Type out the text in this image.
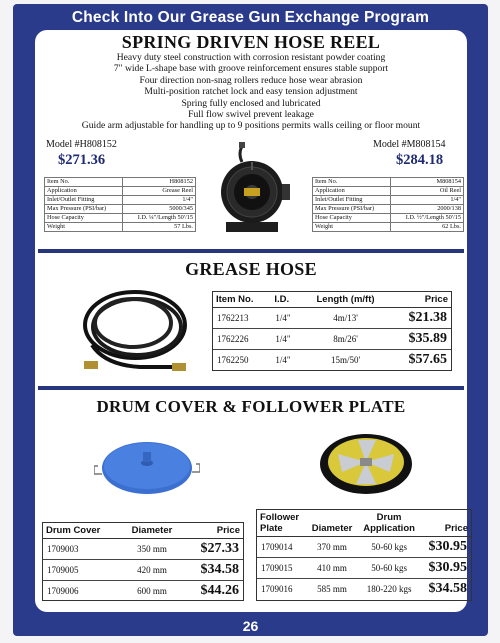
Check Into Our Grease Gun Exchange Program
26
SPRING DRIVEN HOSE REEL
Heavy duty steel construction with corrosion resistant powder coating
7" wide L-shape base with groove reinforcement ensures stable support
Four direction non-snag rollers reduce hose wear abrasion
Multi-position ratchet lock and easy tension adjustment
Spring fully enclosed and lubricated
Full flow swivel prevent leakage
Guide arm adjustable for handling up to 9 positions permits walls ceiling or floor mount
Model #H808152
$271.36
Model #M808154
$284.18
Item No.	H808152
Application	Grease Reel
Inlet/Outlet Fitting	1/4"
Max Pressure (PSI/bar)	5000/345
Hose Capacity	I.D. ¼"/Length 50'/15
Weight	57 Lbs.
Item No.	M808154
Application	Oil Reel
Inlet/Outlet Fitting	1/4"
Max Pressure (PSI/bar)	2000/138
Hose Capacity	I.D. ½"/Length 50'/15
Weight	62 Lbs.
GREASE HOSE
Item No.	I.D.	Length (m/ft)	Price
1762213	1/4"	4m/13'	$21.38
1762226	1/4"	8m/26'	$35.89
1762250	1/4"	15m/50'	$57.65
DRUM COVER & FOLLOWER PLATE
Drum Cover	Diameter	Price
1709003	350 mm	$27.33
1709005	420 mm	$34.58
1709006	600 mm	$44.26
Follower Plate	Diameter	Drum Application	Price
1709014	370 mm	50-60 kgs	$30.95
1709015	410 mm	50-60 kgs	$30.95
1709016	585 mm	180-220 kgs	$34.58
